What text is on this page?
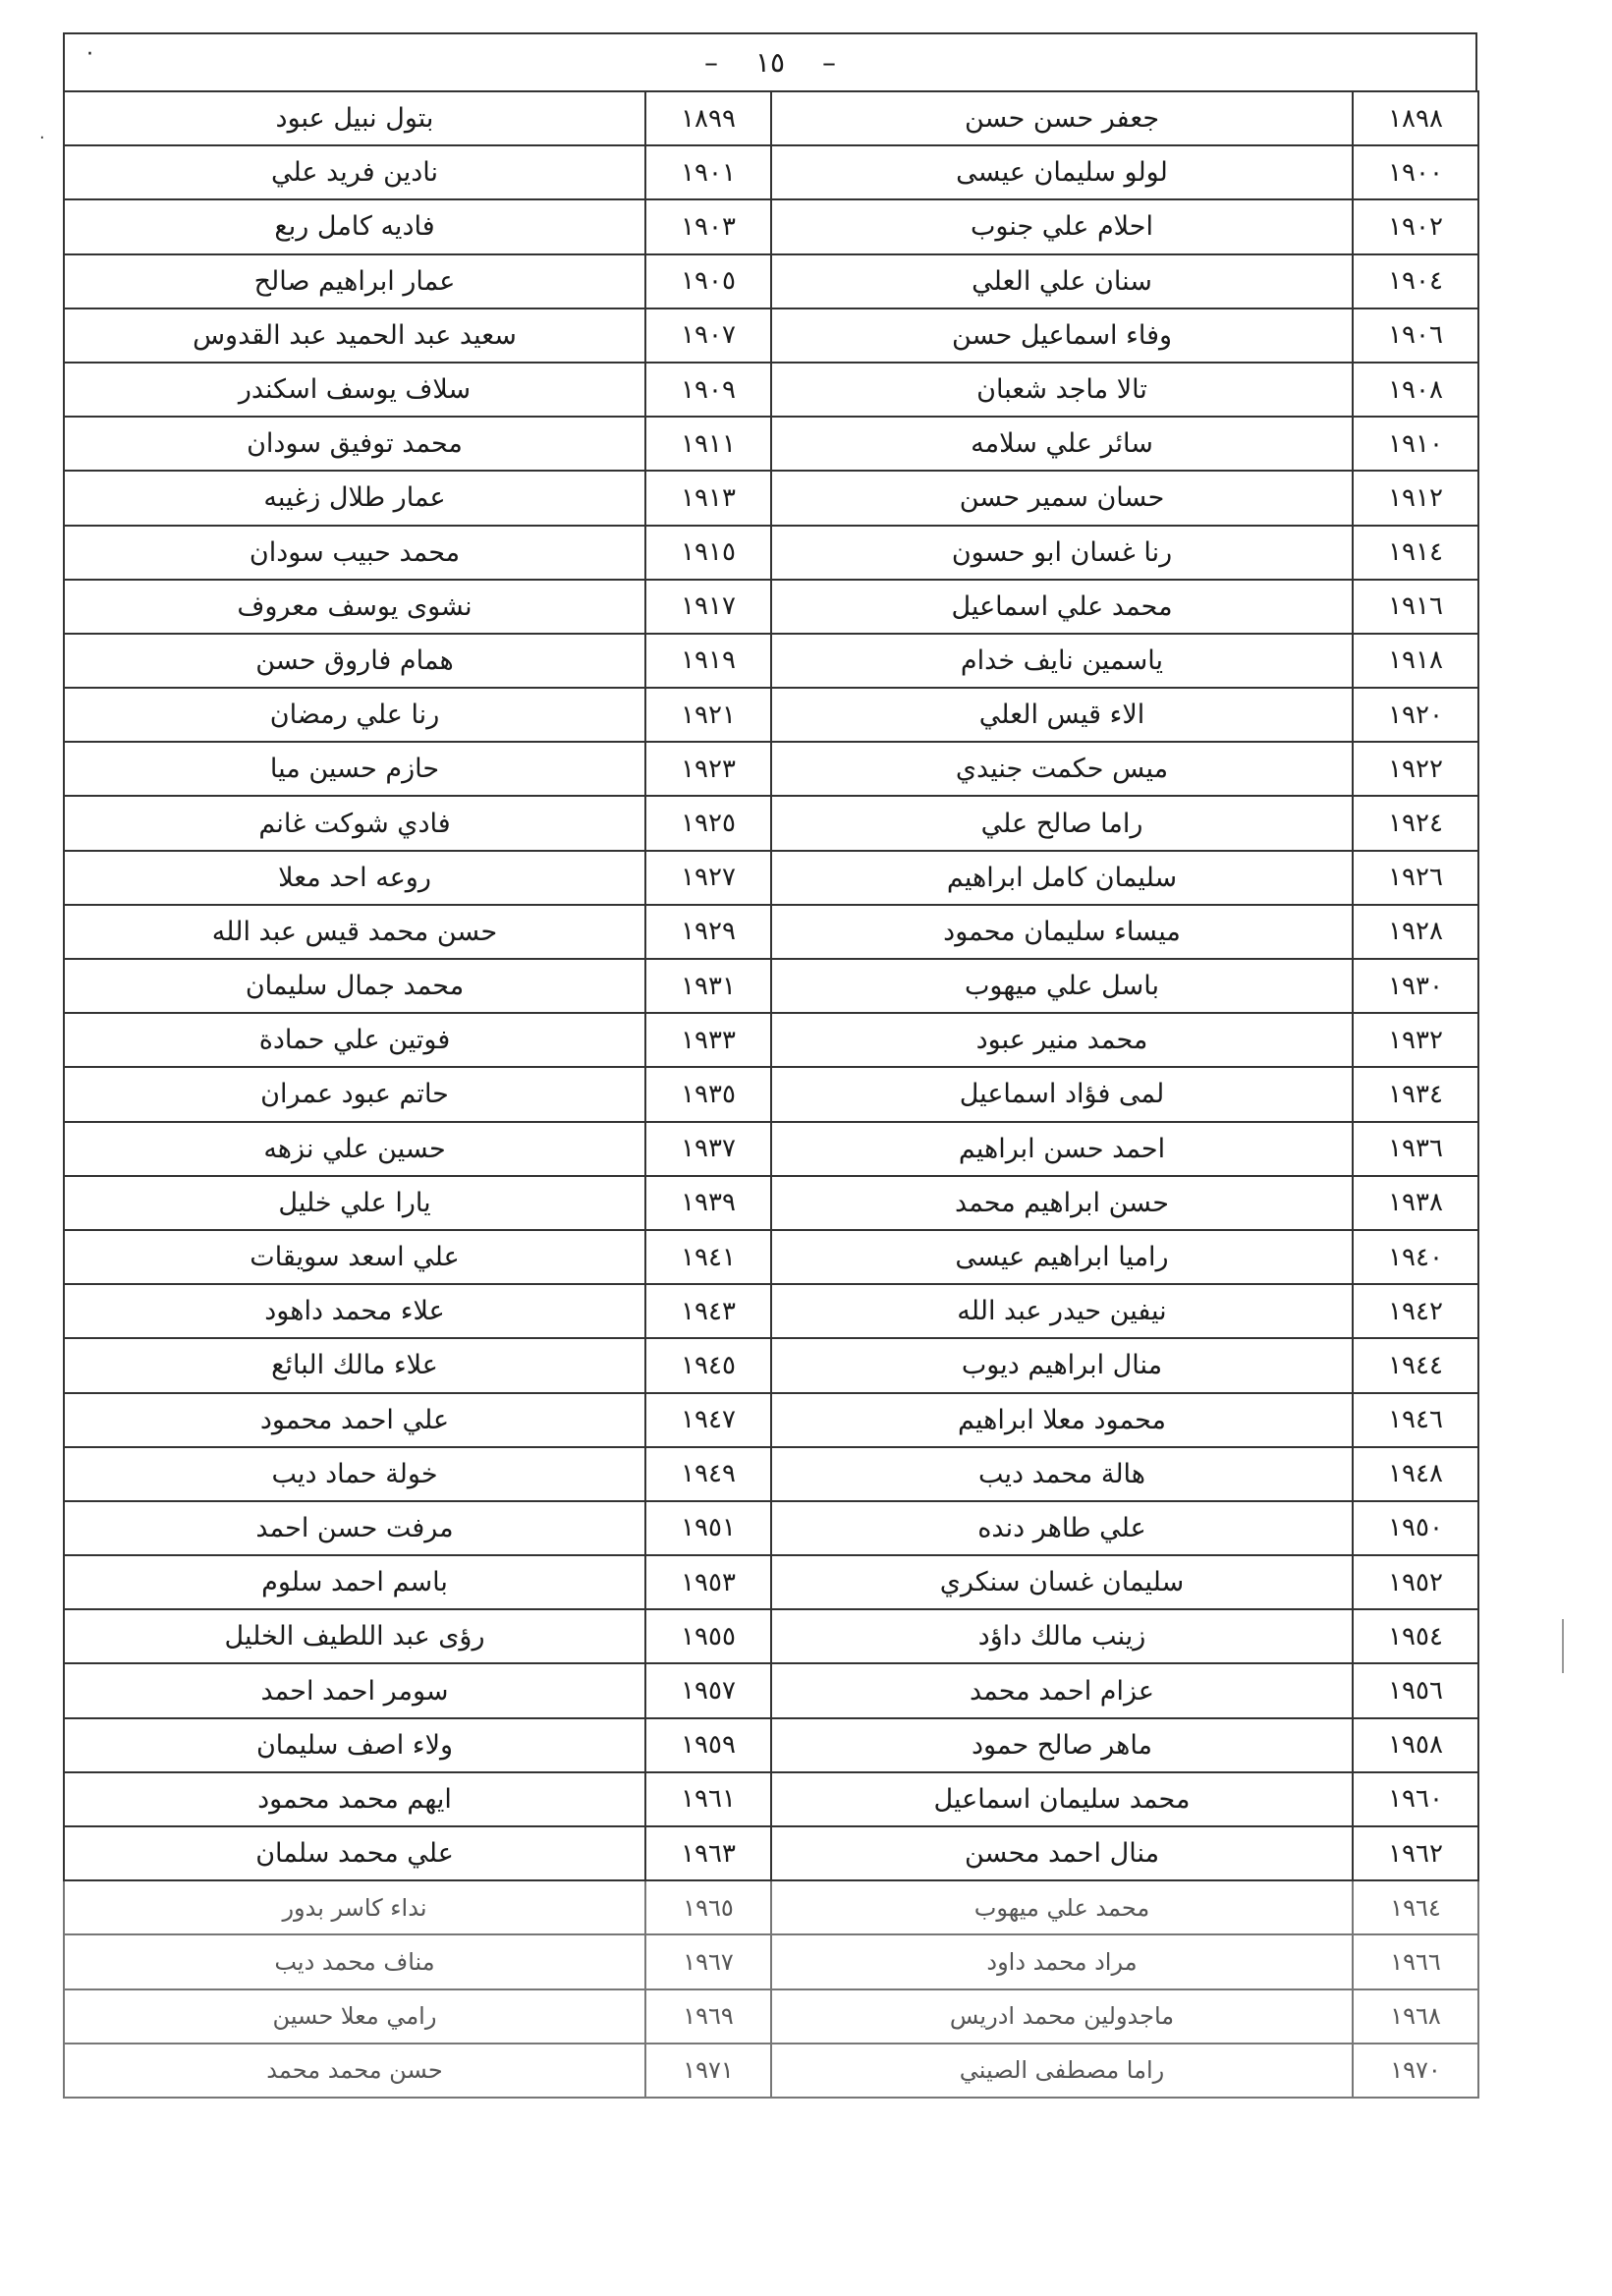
.
–
١٥
–
·
١٨٩٨	جعفر حسن حسن	١٨٩٩	بتول نبيل عبود
١٩٠٠	لولو سليمان عيسى	١٩٠١	نادين فريد علي
١٩٠٢	احلام علي جنوب	١٩٠٣	فاديه كامل ربع
١٩٠٤	سنان علي العلي	١٩٠٥	عمار ابراهيم صالح
١٩٠٦	وفاء اسماعيل حسن	١٩٠٧	سعيد عبد الحميد عبد القدوس
١٩٠٨	تالا ماجد شعبان	١٩٠٩	سلاف يوسف اسكندر
١٩١٠	سائر علي سلامه	١٩١١	محمد توفيق سودان
١٩١٢	حسان سمير حسن	١٩١٣	عمار طلال زغيبه
١٩١٤	رنا غسان ابو حسون	١٩١٥	محمد حبيب سودان
١٩١٦	محمد علي اسماعيل	١٩١٧	نشوى يوسف معروف
١٩١٨	ياسمين نايف خدام	١٩١٩	همام فاروق حسن
١٩٢٠	الاء قيس العلي	١٩٢١	رنا علي رمضان
١٩٢٢	ميس حكمت جنيدي	١٩٢٣	حازم حسين ميا
١٩٢٤	راما صالح علي	١٩٢٥	فادي شوكت غانم
١٩٢٦	سليمان كامل ابراهيم	١٩٢٧	روعه احد معلا
١٩٢٨	ميساء سليمان محمود	١٩٢٩	حسن محمد قيس عبد الله
١٩٣٠	باسل علي ميهوب	١٩٣١	محمد جمال سليمان
١٩٣٢	محمد منير عبود	١٩٣٣	فوتين علي حمادة
١٩٣٤	لمى فؤاد اسماعيل	١٩٣٥	حاتم عبود عمران
١٩٣٦	احمد حسن ابراهيم	١٩٣٧	حسين علي نزهه
١٩٣٨	حسن ابراهيم محمد	١٩٣٩	يارا علي خليل
١٩٤٠	راميا ابراهيم عيسى	١٩٤١	علي اسعد سويقات
١٩٤٢	نيفين حيدر عبد الله	١٩٤٣	علاء محمد داهود
١٩٤٤	منال ابراهيم ديوب	١٩٤٥	علاء مالك البائع
١٩٤٦	محمود معلا ابراهيم	١٩٤٧	علي احمد محمود
١٩٤٨	هالة محمد ديب	١٩٤٩	خولة حماد ديب
١٩٥٠	علي طاهر دنده	١٩٥١	مرفت حسن احمد
١٩٥٢	سليمان غسان سنكري	١٩٥٣	باسم احمد سلوم
١٩٥٤	زينب مالك داؤد	١٩٥٥	رؤى عبد اللطيف الخليل
١٩٥٦	عزام احمد محمد	١٩٥٧	سومر احمد احمد
١٩٥٨	ماهر صالح حمود	١٩٥٩	ولاء اصف سليمان
١٩٦٠	محمد سليمان اسماعيل	١٩٦١	ايهم محمد محمود
١٩٦٢	منال احمد محسن	١٩٦٣	علي محمد سلمان
١٩٦٤	محمد علي ميهوب	١٩٦٥	نداء كاسر بدور
١٩٦٦	مراد محمد داود	١٩٦٧	مناف محمد ديب
١٩٦٨	ماجدولين محمد ادريس	١٩٦٩	رامي معلا حسين
١٩٧٠	راما مصطفى الصيني	١٩٧١	حسن محمد محمد
